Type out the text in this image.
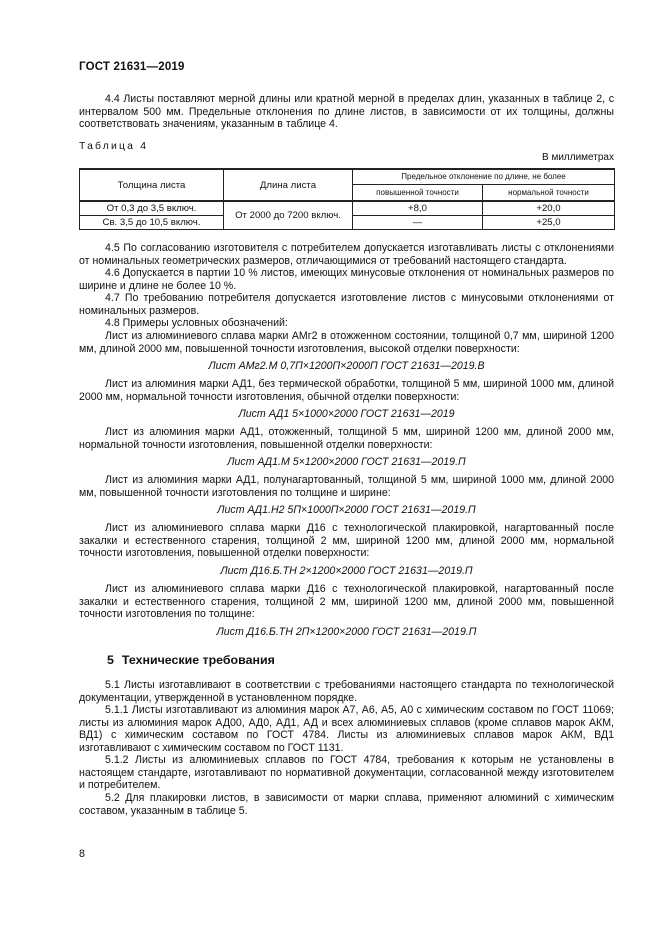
ГОСТ 21631—2019
4.4 Листы поставляют мерной длины или кратной мерной в пределах длин, указанных в таблице 2, с интервалом 500 мм. Предельные отклонения по длине листов, в зависимости от их толщины, должны соответствовать значениям, указанным в таблице 4.
Таблица 4
В миллиметрах
Толщина листа	Длина листа	Предельное отклонение по длине, не более	
		повышенной точности	нормальной точности
От 0,3 до 3,5 включ.	От 2000 до 7200 включ.	+8,0	+20,0
Св. 3,5 до 10,5 включ.		—	+25,0
4.5 По согласованию изготовителя с потребителем допускается изготавливать листы с отклонениями от номинальных геометрических размеров, отличающимися от требований настоящего стандарта.
4.6 Допускается в партии 10 % листов, имеющих минусовые отклонения от номинальных размеров по ширине и длине не более 10 %.
4.7 По требованию потребителя допускается изготовление листов с минусовыми отклонениями от номинальных размеров.
4.8 Примеры условных обозначений:
Лист из алюминиевого сплава марки АМг2 в отожженном состоянии, толщиной 0,7 мм, шириной 1200 мм, длиной 2000 мм, повышенной точности изготовления, высокой отделки поверхности:
Лист АМг2.М 0,7П×1200П×2000П ГОСТ 21631—2019.В
Лист из алюминия марки АД1, без термической обработки, толщиной 5 мм, шириной 1000 мм, длиной 2000 мм, нормальной точности изготовления, обычной отделки поверхности:
Лист АД1 5×1000×2000 ГОСТ 21631—2019
Лист из алюминия марки АД1, отожженный, толщиной 5 мм, шириной 1200 мм, длиной 2000 мм, нормальной точности изготовления, повышенной отделки поверхности:
Лист АД1.М 5×1200×2000 ГОСТ 21631—2019.П
Лист из алюминия марки АД1, полунагартованный, толщиной 5 мм, шириной 1000 мм, длиной 2000 мм, повышенной точности изготовления по толщине и ширине:
Лист АД1.Н2 5П×1000П×2000 ГОСТ 21631—2019.П
Лист из алюминиевого сплава марки Д16 с технологической плакировкой, нагартованный после закалки и естественного старения, толщиной 2 мм, шириной 1200 мм, длиной 2000 мм, нормальной точности изготовления, повышенной отделки поверхности:
Лист Д16.Б.ТН 2×1200×2000 ГОСТ 21631—2019.П
Лист из алюминиевого сплава марки Д16 с технологической плакировкой, нагартованный после закалки и естественного старения, толщиной 2 мм, шириной 1200 мм, длиной 2000 мм, повышенной точности изготовления по толщине:
Лист Д16.Б.ТН 2П×1200×2000 ГОСТ 21631—2019.П
5 Технические требования
5.1 Листы изготавливают в соответствии с требованиями настоящего стандарта по технологической документации, утвержденной в установленном порядке.
5.1.1 Листы изготавливают из алюминия марок А7, А6, А5, А0 с химическим составом по ГОСТ 11069; листы из алюминия марок АД00, АД0, АД1, АД и всех алюминиевых сплавов (кроме сплавов марок АКМ, ВД1) с химическим составом по ГОСТ 4784. Листы из алюминиевых сплавов марок АКМ, ВД1 изготавливают с химическим составом по ГОСТ 1131.
5.1.2 Листы из алюминиевых сплавов по ГОСТ 4784, требования к которым не установлены в настоящем стандарте, изготавливают по нормативной документации, согласованной между изготовителем и потребителем.
5.2 Для плакировки листов, в зависимости от марки сплава, применяют алюминий с химическим составом, указанным в таблице 5.
8
